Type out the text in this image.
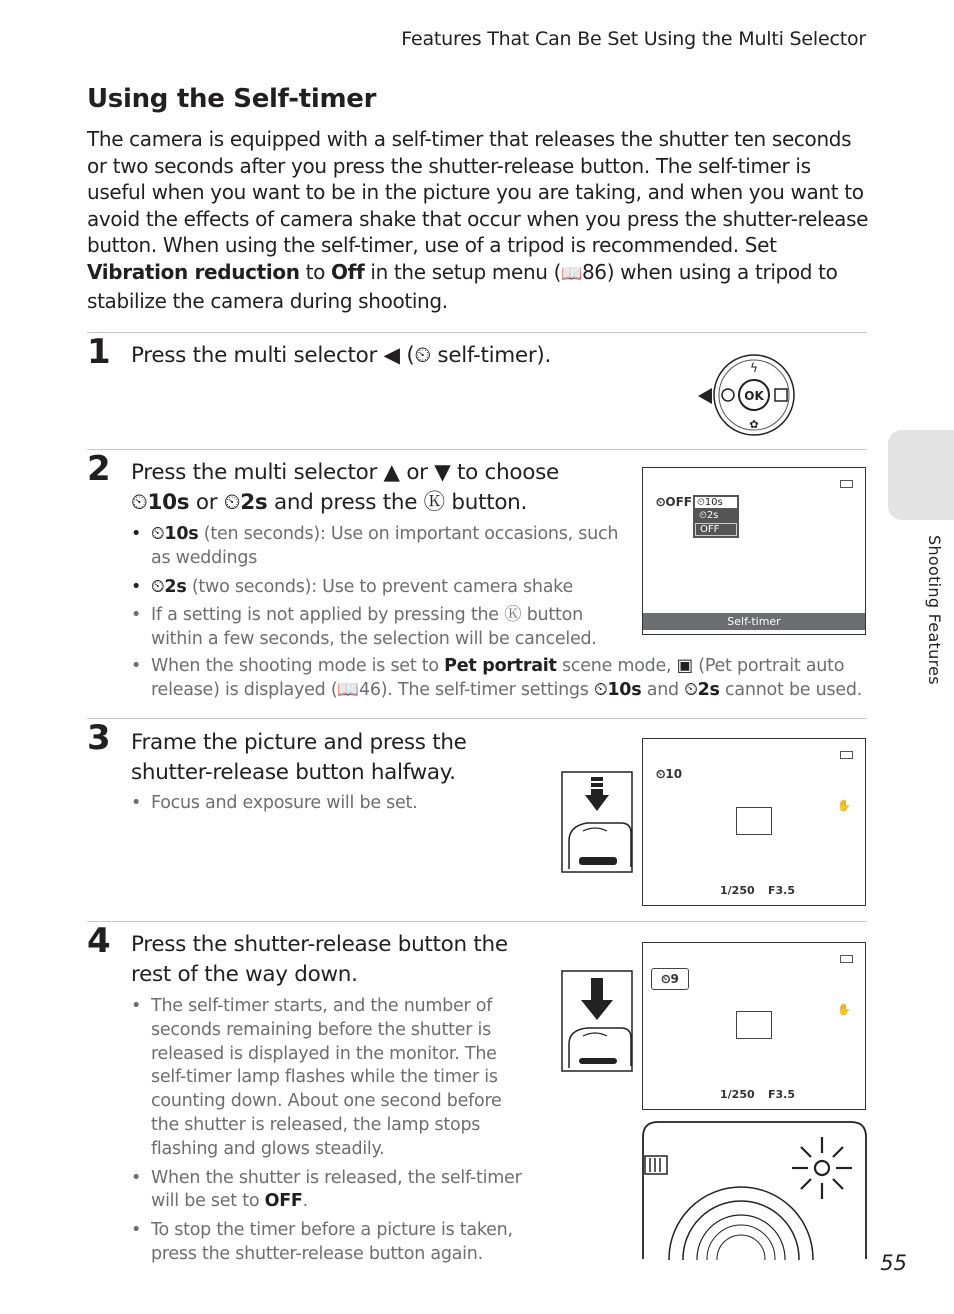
Features That Can Be Set Using the Multi Selector
Using the Self-timer
The camera is equipped with a self-timer that releases the shutter ten seconds or two seconds after you press the shutter-release button. The self-timer is useful when you want to be in the picture you are taking, and when you want to avoid the effects of camera shake that occur when you press the shutter-release button. When using the self-timer, use of a tripod is recommended. Set Vibration reduction to Off in the setup menu (📖86) when using a tripod to stabilize the camera during shooting.
1 Press the multi selector ◀ (⏲ self-timer).
OK
ϟ
✿
2 Press the multi selector ▲ or ▼ to choose
⏲10s or ⏲2s and press the Ⓚ button.
• ⏲10s (ten seconds): Use on important occasions, such as weddings
• ⏲2s (two seconds): Use to prevent camera shake
• If a setting is not applied by pressing the Ⓚ button within a few seconds, the selection will be canceled.
• When the shooting mode is set to Pet portrait scene mode, ▣ (Pet portrait auto release) is displayed (📖46). The self-timer settings ⏲10s and ⏲2s cannot be used.
⏲OFF ⏲10s
⏲2s
OFF
Self-timer
3 Frame the picture and press the shutter-release button halfway.
• Focus and exposure will be set.
⏲10
✋
1/250 F3.5
4 Press the shutter-release button the rest of the way down.
• The self-timer starts, and the number of seconds remaining before the shutter is released is displayed in the monitor. The self-timer lamp flashes while the timer is counting down. About one second before the shutter is released, the lamp stops flashing and glows steadily.
• When the shutter is released, the self-timer will be set to OFF.
• To stop the timer before a picture is taken, press the shutter-release button again.
⏲9
✋
1/250 F3.5
Shooting Features
55
